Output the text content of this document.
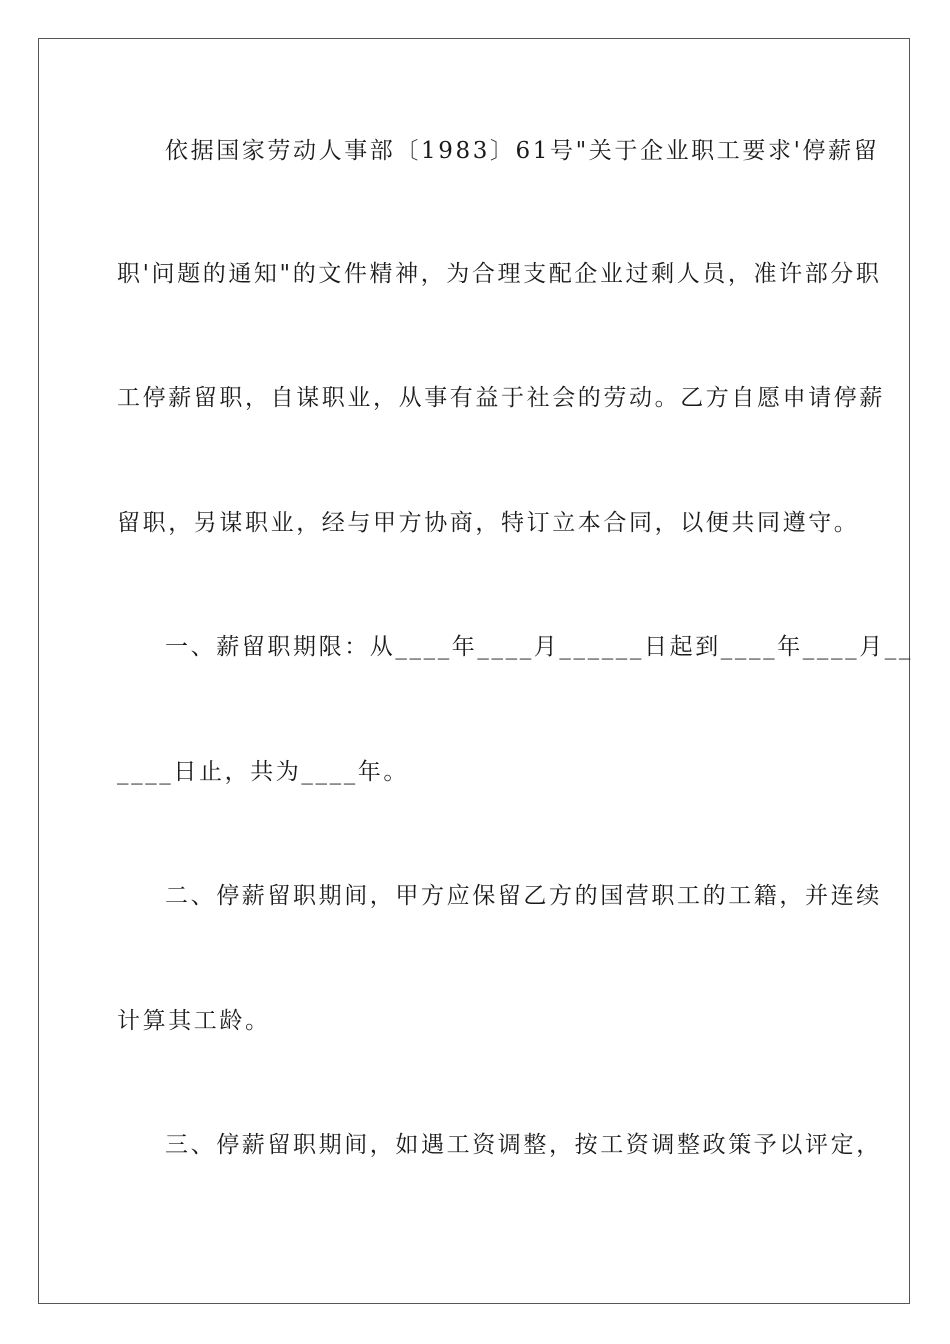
依据国家劳动人事部〔1983〕61号"关于企业职工要求'停薪留
职'问题的通知"的文件精神，为合理支配企业过剩人员，准许部分职
工停薪留职，自谋职业，从事有益于社会的劳动。乙方自愿申请停薪
留职，另谋职业，经与甲方协商，特订立本合同，以便共同遵守。
一、薪留职期限：从____年____月______日起到____年____月__
____日止，共为____年。
二、停薪留职期间，甲方应保留乙方的国营职工的工籍，并连续
计算其工龄。
三、停薪留职期间，如遇工资调整，按工资调整政策予以评定，
